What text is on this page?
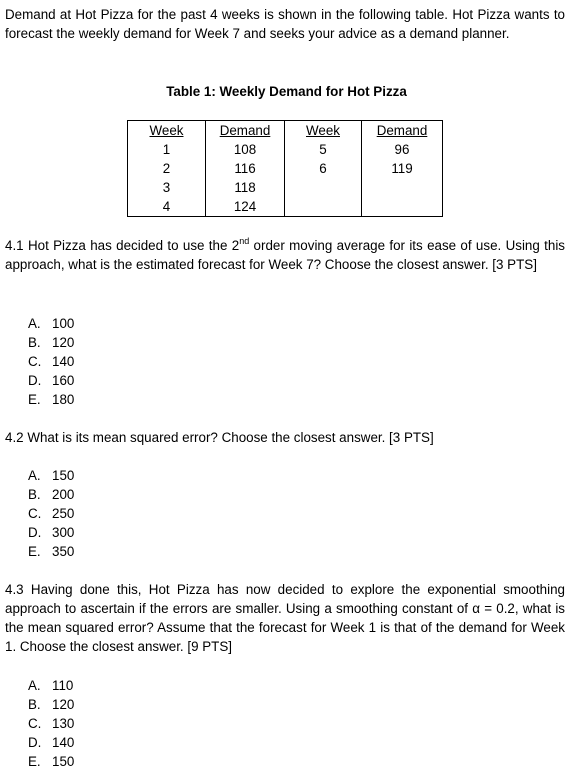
Demand at Hot Pizza for the past 4 weeks is shown in the following table. Hot Pizza wants to forecast the weekly demand for Week 7 and seeks your advice as a demand planner.

Table 1: Weekly Demand for Hot Pizza
Week	Demand	Week	Demand
1	108	5	96
2	116	6	119
3	118		
4	124		

4.1 Hot Pizza has decided to use the 2nd order moving average for its ease of use. Using this approach, what is the estimated forecast for Week 7? Choose the closest answer. [3 PTS]

A. 100
B. 120
C. 140
D. 160
E. 180

4.2 What is its mean squared error? Choose the closest answer. [3 PTS]

A. 150
B. 200
C. 250
D. 300
E. 350

4.3 Having done this, Hot Pizza has now decided to explore the exponential smoothing approach to ascertain if the errors are smaller. Using a smoothing constant of α = 0.2, what is the mean squared error? Assume that the forecast for Week 1 is that of the demand for Week 1. Choose the closest answer. [9 PTS]

A. 110
B. 120
C. 130
D. 140
E. 150
